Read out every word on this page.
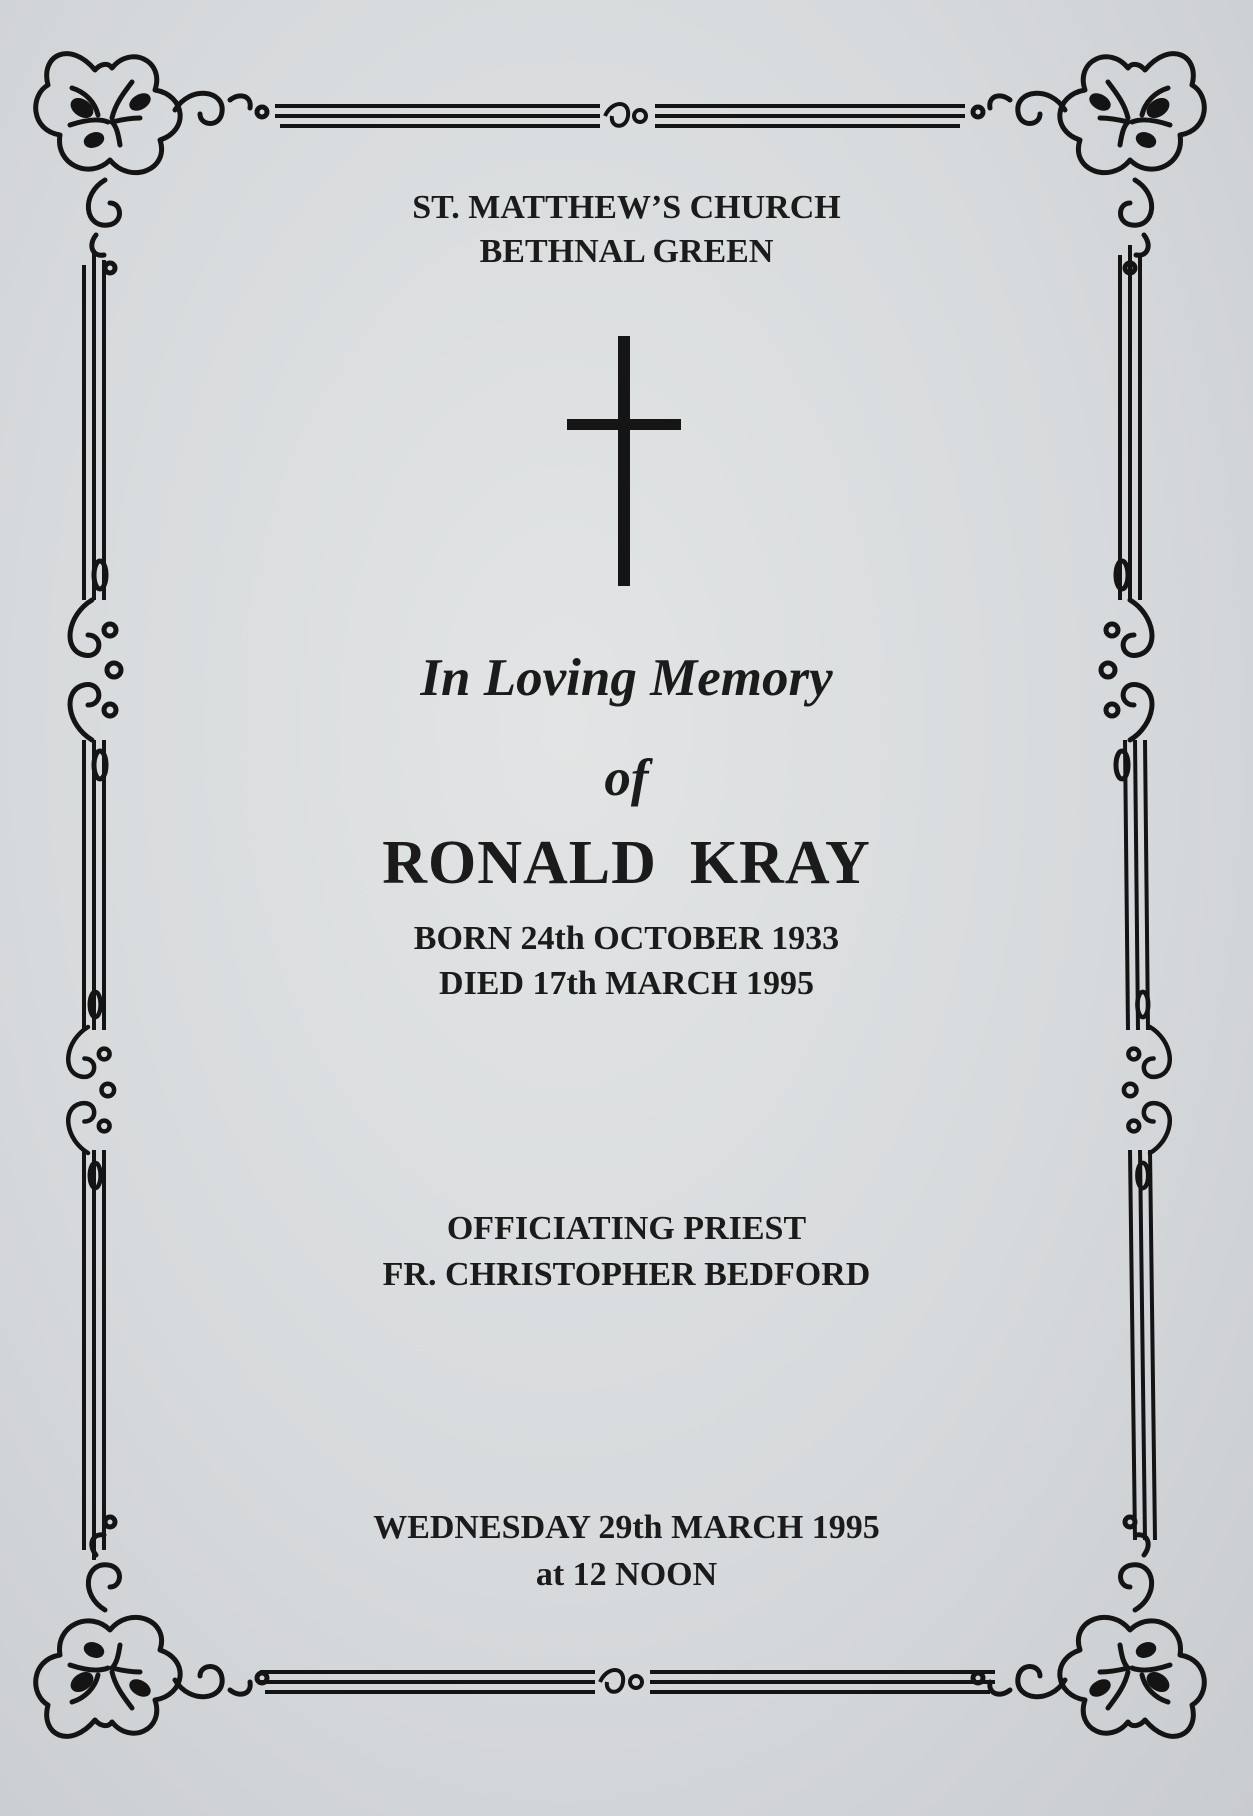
ST. MATTHEW’S CHURCH
BETHNAL GREEN

In Loving Memory

of

RONALD  KRAY

BORN 24th OCTOBER 1933
DIED 17th MARCH 1995
OFFICIATING PRIEST
FR. CHRISTOPHER BEDFORD
WEDNESDAY 29th MARCH 1995
at 12 NOON
